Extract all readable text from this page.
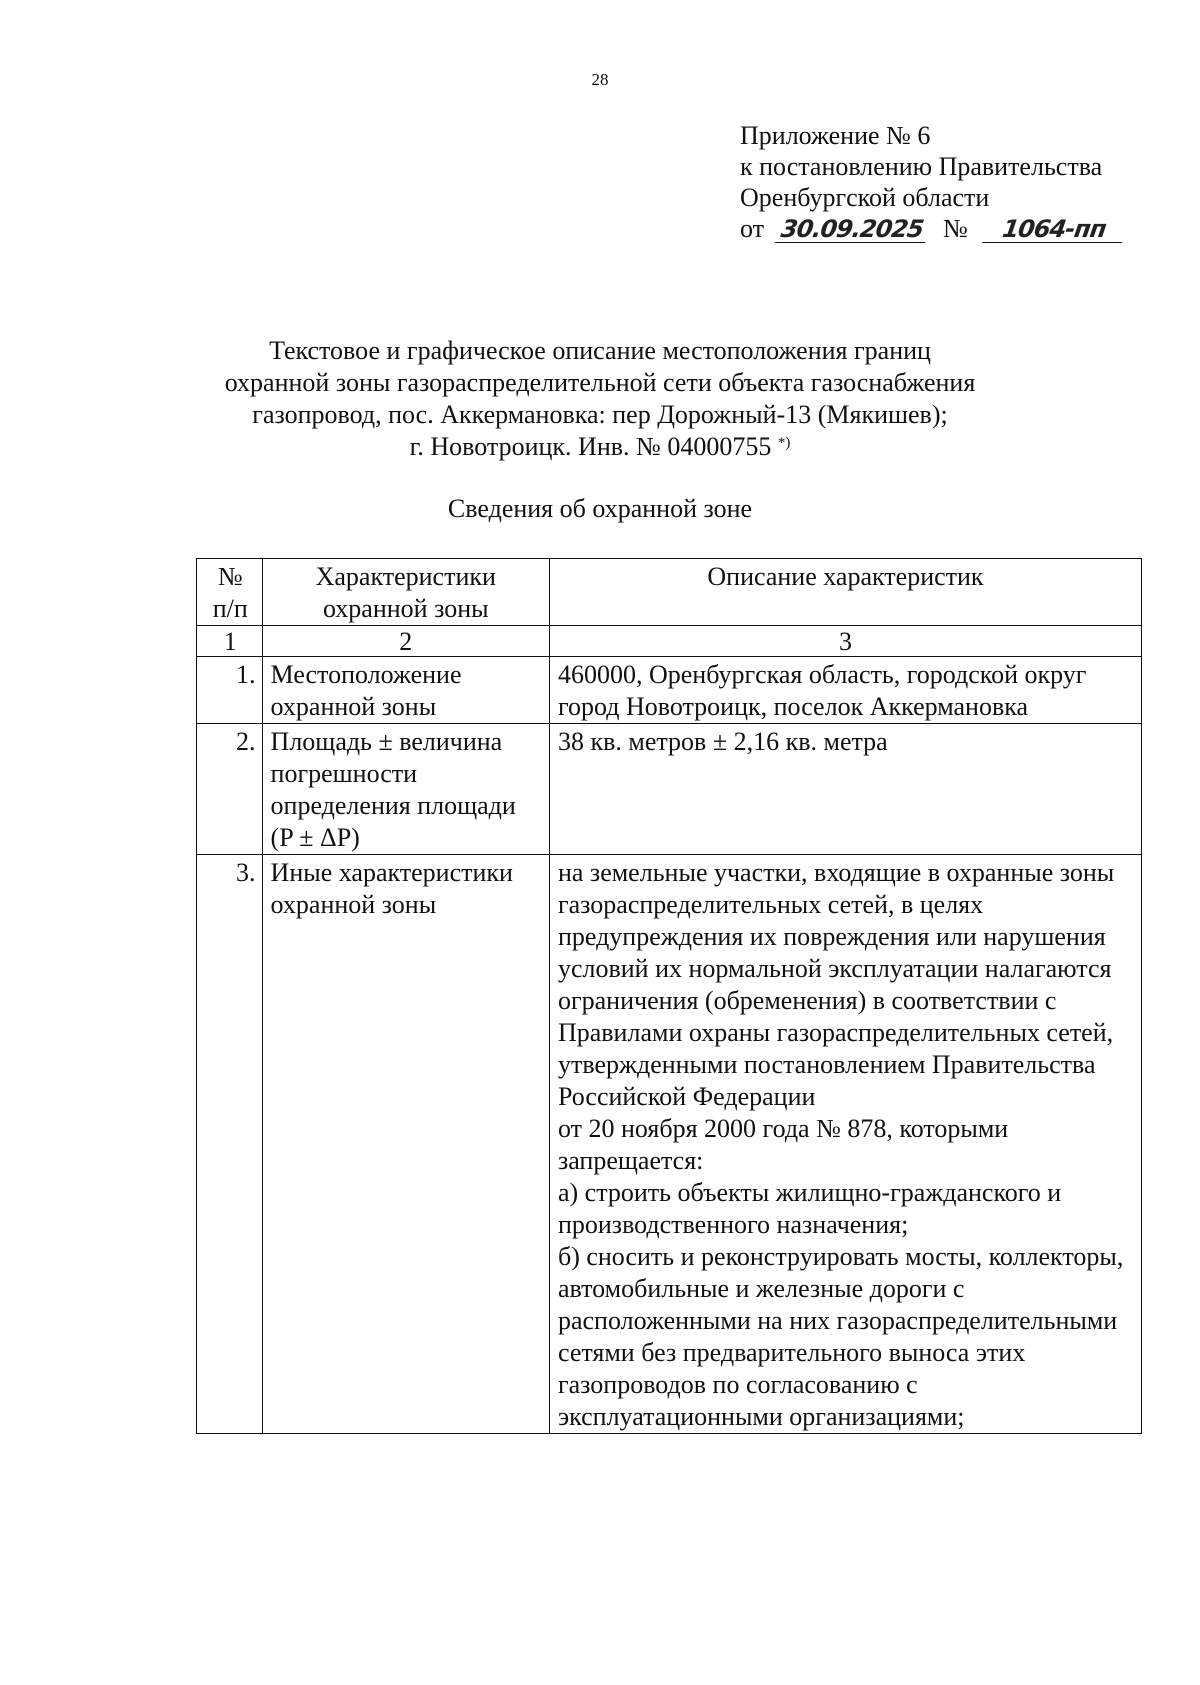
28
Приложение № 6
к постановлению Правительства
Оренбургской области
от 30.09.2025 № 1064-пп
Текстовое и графическое описание местоположения границ
охранной зоны газораспределительной сети объекта газоснабжения
газопровод, пос. Аккермановка: пер Дорожный-13 (Мякишев);
г. Новотроицк. Инв. № 04000755 *)
Сведения об охранной зоне
№ п/п	Характеристики охранной зоны	Описание характеристик
1	2	3
1.	Местоположение охранной зоны	460000, Оренбургская область, городской округ город Новотроицк, поселок Аккермановка
2.	Площадь ± величина погрешности определения площади (P ± ΔP)	38 кв. метров ± 2,16 кв. метра
3.	Иные характеристики охранной зоны	на земельные участки, входящие в охранные зоны газораспределительных сетей, в целях предупреждения их повреждения или нарушения условий их нормальной эксплуатации налагаются ограничения (обременения) в соответствии с Правилами охраны газораспределительных сетей, утвержденными постановлением Правительства Российской Федерации
от 20 ноября 2000 года № 878, которыми запрещается:
а) строить объекты жилищно-гражданского и производственного назначения;
б) сносить и реконструировать мосты, коллекторы, автомобильные и железные дороги с расположенными на них газораспределительными сетями без предварительного выноса этих газопроводов по согласованию с эксплуатационными организациями;
